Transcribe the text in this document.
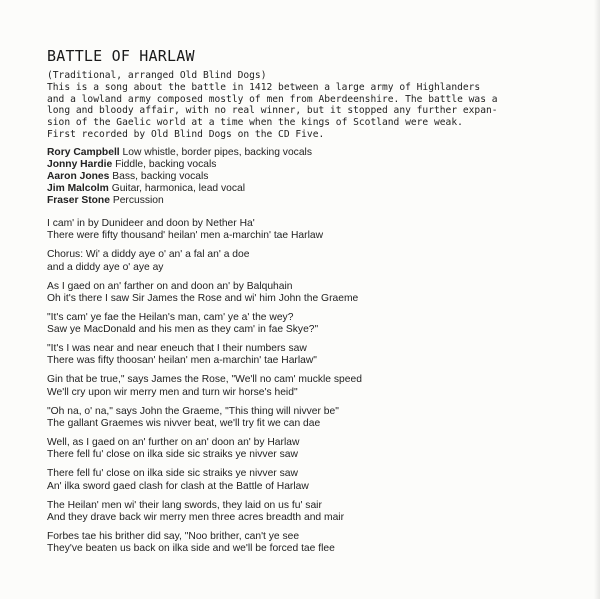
BATTLE OF HARLAW
(Traditional, arranged Old Blind Dogs)
This is a song about the battle in 1412 between a large army of Highlanders
and a lowland army composed mostly of men from Aberdeenshire. The battle was a
long and bloody affair, with no real winner, but it stopped any further expan-
sion of the Gaelic world at a time when the kings of Scotland were weak.
First recorded by Old Blind Dogs on the CD Five.
Rory Campbell Low whistle, border pipes, backing vocals
Jonny Hardie Fiddle, backing vocals
Aaron Jones Bass, backing vocals
Jim Malcolm Guitar, harmonica, lead vocal
Fraser Stone Percussion
I cam' in by Dunideer and doon by Nether Ha'
There were fifty thousand' heilan' men a-marchin' tae Harlaw
Chorus: Wi' a diddy aye o' an' a fal an' a doe
and a diddy aye o' aye ay
As I gaed on an' farther on and doon an' by Balquhain
Oh it's there I saw Sir James the Rose and wi' him John the Graeme
"It's cam' ye fae the Heilan's man, cam' ye a' the wey?
Saw ye MacDonald and his men as they cam' in fae Skye?"
"It's I was near and near eneuch that I their numbers saw
There was fifty thoosan' heilan' men a-marchin' tae Harlaw"
Gin that be true," says James the Rose, "We'll no cam' muckle speed
We'll cry upon wir merry men and turn wir horse's heid"
"Oh na, o' na," says John the Graeme, "This thing will nivver be"
The gallant Graemes wis nivver beat, we'll try fit we can dae
Well, as I gaed on an' further on an' doon an' by Harlaw
There fell fu' close on ilka side sic straiks ye nivver saw
There fell fu' close on ilka side sic straiks ye nivver saw
An' ilka sword gaed clash for clash at the Battle of Harlaw
The Heilan' men wi' their lang swords, they laid on us fu' sair
And they drave back wir merry men three acres breadth and mair
Forbes tae his brither did say, "Noo brither, can't ye see
They've beaten us back on ilka side and we'll be forced tae flee
